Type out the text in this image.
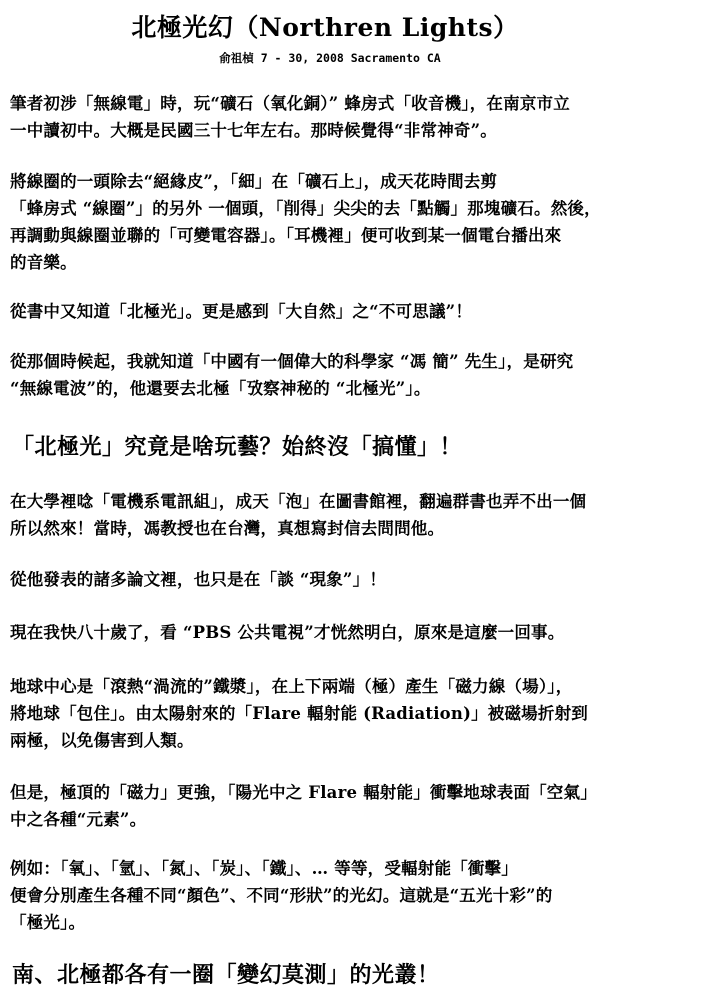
北極光幻（Northren Lights）
俞祖楨 7 - 30, 2008 Sacramento CA
筆者初涉「無線電」時，玩“礦石（氧化銅）” 蜂房式「收音機」，在南京市立
一中讀初中。大概是民國三十七年左右。那時候覺得“非常神奇”。
將線圈的一頭除去“絕緣皮”，「細」在「礦石上」，成天花時間去剪
「蜂房式 “線圈”」的另外 一個頭，「削得」尖尖的去「點觸」那塊礦石。然後，
再調動與線圈並聯的「可變電容器」。「耳機裡」便可收到某一個電台播出來
的音樂。
從書中又知道「北極光」。更是感到「大自然」之“不可思議”！
從那個時候起，我就知道「中國有一個偉大的科學家 “馮 簡” 先生」，是研究
“無線電波”的，他還要去北極「攷察神秘的 “北極光”」。
「北極光」究竟是啥玩藝？始終沒「搞懂」！
在大學裡唸「電機系電訊組」，成天「泡」在圖書館裡，翻遍群書也弄不出一個
所以然來！當時，馮教授也在台灣，真想寫封信去問問他。
從他發表的諸多論文裡，也只是在「談 “現象”」！
現在我快八十歲了，看 “PBS 公共電視”才恍然明白，原來是這麼一回事。
地球中心是「滾熱“渦流的”鐵漿」，在上下兩端（極）產生「磁力線（場）」，
將地球「包住」。由太陽射來的「Flare 輻射能 (Radiation)」被磁場折射到
兩極，以免傷害到人類。
但是，極頂的「磁力」更強，「陽光中之 Flare 輻射能」衝擊地球表面「空氣」
中之各種“元素”。
例如：「氧」、「氫」、「氮」、「炭」、「鐵」、… 等等，受輻射能「衝擊」
便會分別產生各種不同“顏色”、不同“形狀”的光幻。這就是“五光十彩”的
「極光」。
南、北極都各有一圈「變幻莫測」的光叢！
